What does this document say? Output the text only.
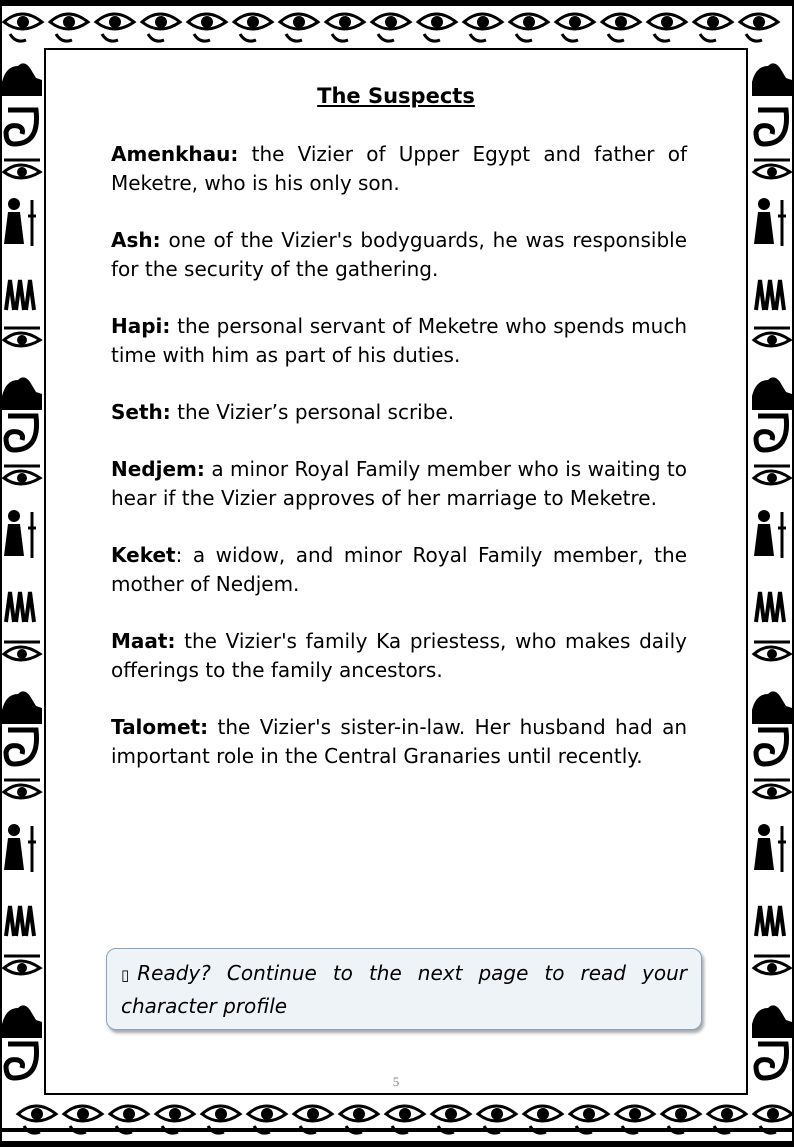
The Suspects

Amenkhau: the Vizier of Upper Egypt and father of Meketre, who is his only son.

Ash: one of the Vizier's bodyguards, he was responsible for the security of the gathering.

Hapi: the personal servant of Meketre who spends much time with him as part of his duties.

Seth: the Vizier’s personal scribe.

Nedjem: a minor Royal Family member who is waiting to hear if the Vizier approves of her marriage to Meketre.

Keket: a widow, and minor Royal Family member, the mother of Nedjem.

Maat: the Vizier's family Ka priestess, who makes daily offerings to the family ancestors.

Talomet: the Vizier's sister-in-law. Her husband had an important role in the Central Granaries until recently.

▯ Ready? Continue to the next page to read your character profile
5
